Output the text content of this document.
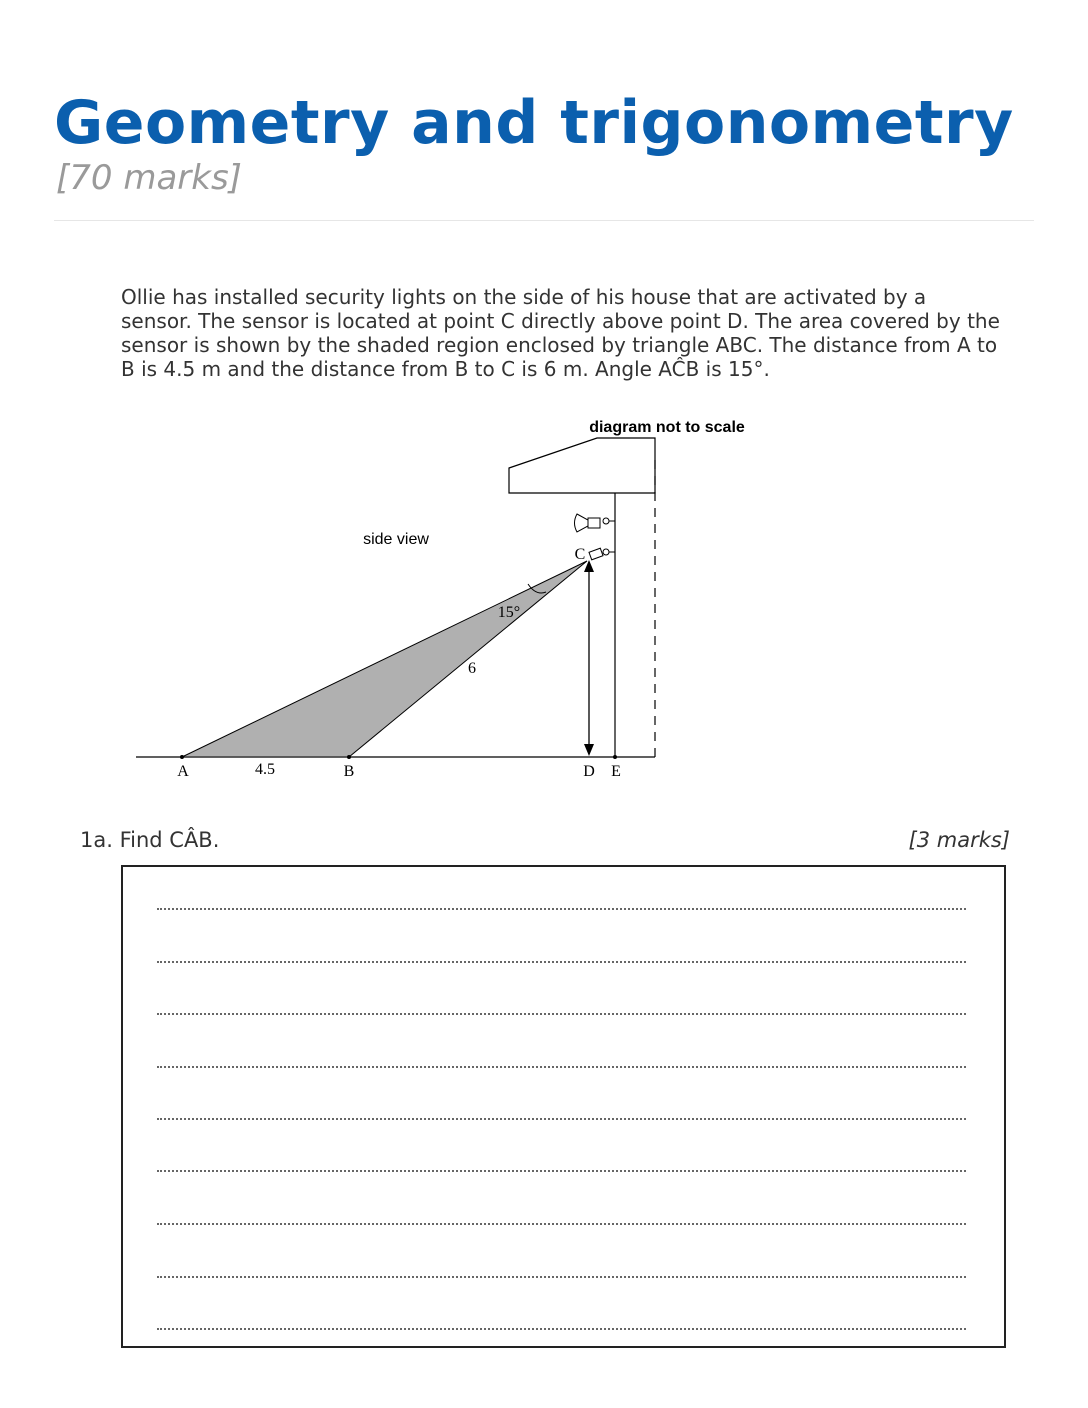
Geometry and trigonometry
[70 marks]
Ollie has installed security lights on the side of his house that are activated by a sensor. The sensor is located at point C directly above point D. The area covered by the sensor is shown by the shaded region enclosed by triangle ABC. The distance from A to B is 4.5 m and the distance from B to C is 6 m. Angle AĈB is 15°.
diagram not to scale
side view
15°
6
4.5
C
A	B	D E
1a. Find CÂB.	[3 marks]
